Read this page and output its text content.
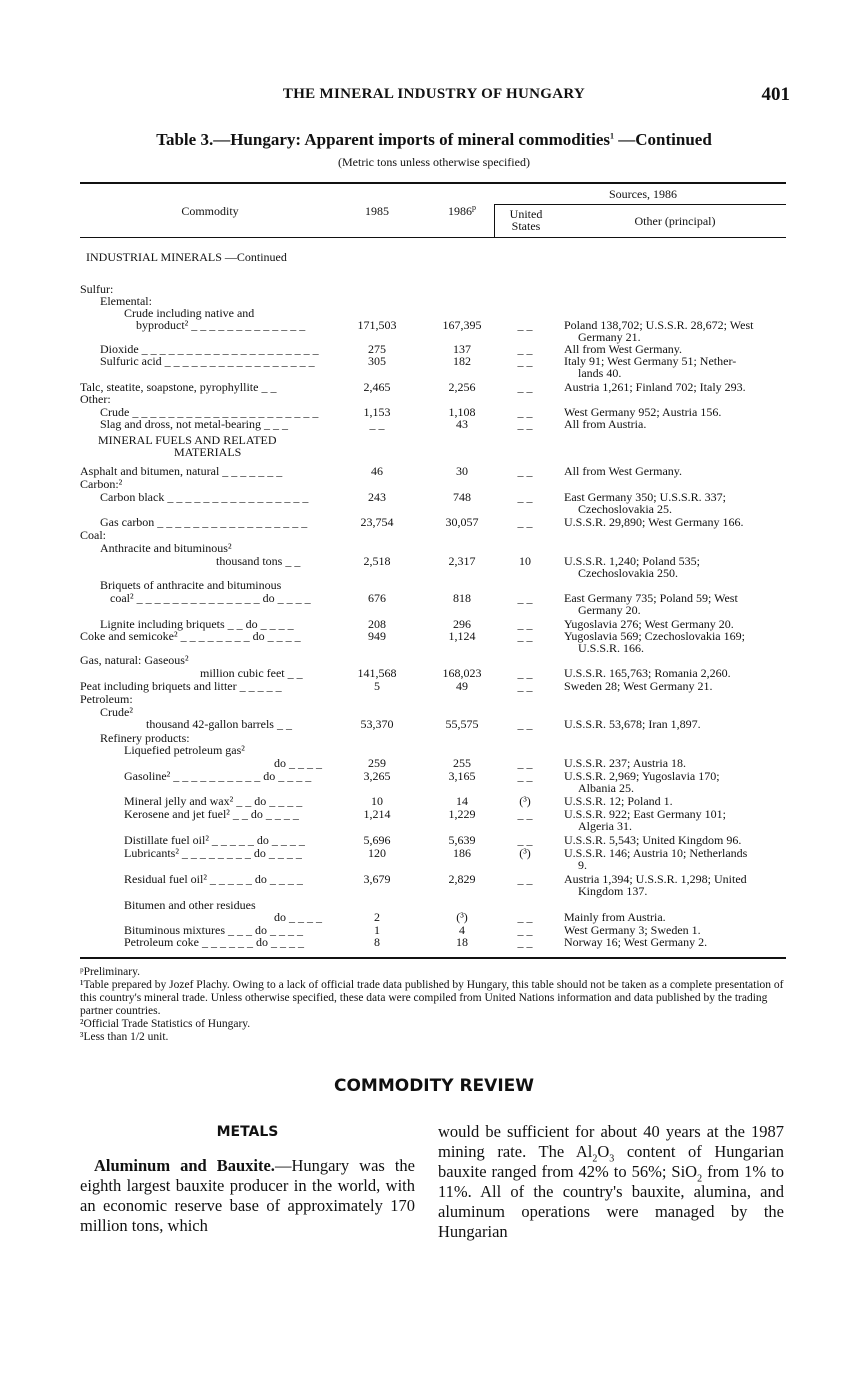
THE MINERAL INDUSTRY OF HUNGARY	401
Table 3.—Hungary: Apparent imports of mineral commodities$^1$ —Continued
(Metric tons unless otherwise specified)
Commodity	1985	1986$^p$
Sources, 1986
United
States	Other (principal)
INDUSTRIAL MINERALS —Continued
Sulfur:
Elemental:
Crude including native and
byproduct² _ _ _ _ _ _ _ _ _ _ _ _ _	171,503	167,395	_ _	Poland 138,702; U.S.S.R. 28,672; West
Germany 21.
Dioxide _ _ _ _ _ _ _ _ _ _ _ _ _ _ _ _ _ _ _ _	275	137	_ _	All from West Germany.
Sulfuric acid _ _ _ _ _ _ _ _ _ _ _ _ _ _ _ _ _	305	182	_ _	Italy 91; West Germany 51; Nether-
lands 40.
Talc, steatite, soapstone, pyrophyllite _ _	2,465	2,256	_ _	Austria 1,261; Finland 702; Italy 293.
Other:
Crude _ _ _ _ _ _ _ _ _ _ _ _ _ _ _ _ _ _ _ _ _	1,153	1,108	_ _	West Germany 952; Austria 156.
Slag and dross, not metal-bearing _ _ _	_ _	43	_ _	All from Austria.
MINERAL FUELS AND RELATED
MATERIALS
Asphalt and bitumen, natural _ _ _ _ _ _ _	46	30	_ _	All from West Germany.
Carbon:²
Carbon black _ _ _ _ _ _ _ _ _ _ _ _ _ _ _ _	243	748	_ _	East Germany 350; U.S.S.R. 337;
Czechoslovakia 25.
Gas carbon _ _ _ _ _ _ _ _ _ _ _ _ _ _ _ _ _	23,754	30,057	_ _	U.S.S.R. 29,890; West Germany 166.
Coal:
Anthracite and bituminous²
thousand tons _ _	2,518	2,317	10	U.S.S.R. 1,240; Poland 535;
Czechoslovakia 250.
Briquets of anthracite and bituminous
coal² _ _ _ _ _ _ _ _ _ _ _ _ _ _ do _ _ _ _	676	818	_ _	East Germany 735; Poland 59; West
Germany 20.
Lignite including briquets _ _ do _ _ _ _	208	296	_ _	Yugoslavia 276; West Germany 20.
Coke and semicoke² _ _ _ _ _ _ _ _ do _ _ _ _	949	1,124	_ _	Yugoslavia 569; Czechoslovakia 169;
U.S.S.R. 166.
Gas, natural: Gaseous²
million cubic feet _ _	141,568	168,023	_ _	U.S.S.R. 165,763; Romania 2,260.
Peat including briquets and litter _ _ _ _ _	5	49	_ _	Sweden 28; West Germany 21.
Petroleum:
Crude²
thousand 42-gallon barrels _ _	53,370	55,575	_ _	U.S.S.R. 53,678; Iran 1,897.
Refinery products:
Liquefied petroleum gas²
do _ _ _ _	259	255	_ _	U.S.S.R. 237; Austria 18.
Gasoline² _ _ _ _ _ _ _ _ _ _ do _ _ _ _	3,265	3,165	_ _	U.S.S.R. 2,969; Yugoslavia 170;
Albania 25.
Mineral jelly and wax² _ _ do _ _ _ _	10	14	(³)	U.S.S.R. 12; Poland 1.
Kerosene and jet fuel² _ _ do _ _ _ _	1,214	1,229	_ _	U.S.S.R. 922; East Germany 101;
Algeria 31.
Distillate fuel oil² _ _ _ _ _ do _ _ _ _	5,696	5,639	_ _	U.S.S.R. 5,543; United Kingdom 96.
Lubricants² _ _ _ _ _ _ _ _ do _ _ _ _	120	186	(³)	U.S.S.R. 146; Austria 10; Netherlands
9.
Residual fuel oil² _ _ _ _ _ do _ _ _ _	3,679	2,829	_ _	Austria 1,394; U.S.S.R. 1,298; United
Kingdom 137.
Bitumen and other residues
do _ _ _ _	2	(³)	_ _	Mainly from Austria.
Bituminous mixtures _ _ _ do _ _ _ _	1	4	_ _	West Germany 3; Sweden 1.
Petroleum coke _ _ _ _ _ _ do _ _ _ _	8	18	_ _	Norway 16; West Germany 2.
ᵖPreliminary.
¹Table prepared by Jozef Plachy. Owing to a lack of official trade data published by Hungary, this table should not be taken as a complete presentation of this country's mineral trade. Unless otherwise specified, these data were compiled from United Nations information and data published by the trading partner countries.
²Official Trade Statistics of Hungary.
³Less than 1/2 unit.
COMMODITY REVIEW
METALS
Aluminum and Bauxite.—Hungary was the eighth largest bauxite producer in the world, with an economic reserve base of approximately 170 million tons, which
would be sufficient for about 40 years at the 1987 mining rate. The $Al_2O_3$ content of Hungarian bauxite ranged from 42% to 56%; SiO$_2$ from 1% to 11%. All of the country's bauxite, alumina, and aluminum operations were managed by the Hungarian
